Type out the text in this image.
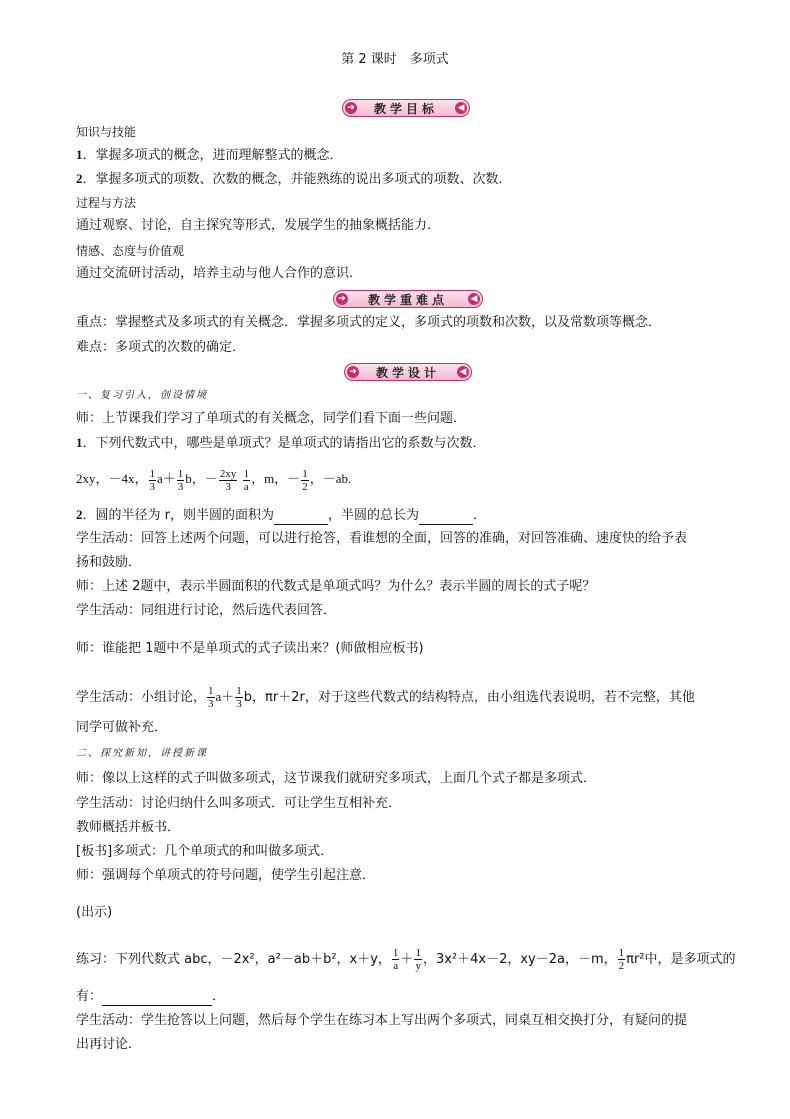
第 2 课时　多项式
➜ 教学目标 ◀
知识与技能
1．掌握多项式的概念，进而理解整式的概念．
2．掌握多项式的项数、次数的概念，并能熟练的说出多项式的项数、次数．
过程与方法
通过观察、讨论，自主探究等形式，发展学生的抽象概括能力．
情感、态度与价值观
通过交流研讨活动，培养主动与他人合作的意识．
➜ 教学重难点	◀
重点：掌握整式及多项式的有关概念．掌握多项式的定义，多项式的项数和次数，以及常数项等概念．
难点：多项式的次数的确定．
➜ 教学设计 ◀
一、复习引入，创设情境
师：上节课我们学习了单项式的有关概念，同学们看下面一些问题．
1．下列代数式中，哪些是单项式？是单项式的请指出它的系数与次数．
2xy，－4x， $\frac{1}{3} a+ \frac{1}{3}$ b，－ $\frac{2xy}{3}$
$\frac{1}{a}$ ，m，－ $\frac{1}{2}$ ，－ab.
2．圆的半径为 r，则半圆的面积为	，半圆的总长为	．
学生活动：回答上述两个问题，可以进行抢答，看谁想的全面，回答的准确，对回答准确、速度快的给予表
扬和鼓励．
师：上述 2题中，表示半圆面积的代数式是单项式吗？为什么？表示半圆的周长的式子呢？
学生活动：同组进行讨论，然后选代表回答．
师：谁能把 1题中不是单项式的式子读出来？(师做相应板书)
学生活动：小组讨论， $\frac{1}{3} a+ \frac{1}{3}$ b，πr＋2r，对于这些代数式的结构特点，由小组选代表说明，若不完整，其他
同学可做补充．
二、探究新知，讲授新课
师：像以上这样的式子叫做多项式，这节课我们就研究多项式，上面几个式子都是多项式．
学生活动：讨论归纳什么叫多项式．可让学生互相补充．
教师概括并板书．
[板书]多项式：几个单项式的和叫做多项式．
师：强调每个单项式的符号问题，使学生引起注意．
(出示)
练习：下列代数式 abc，－2x²，a²－ab＋b²，x＋y， $\frac{1}{a} + \frac{1}{y}$ ，3x²＋4x－2，xy－2a，－m， $\frac{1}{2} \pi r^2$中，是多项式的
有：	．
学生活动：学生抢答以上问题，然后每个学生在练习本上写出两个多项式，同桌互相交换打分，有疑问的提
出再讨论．
